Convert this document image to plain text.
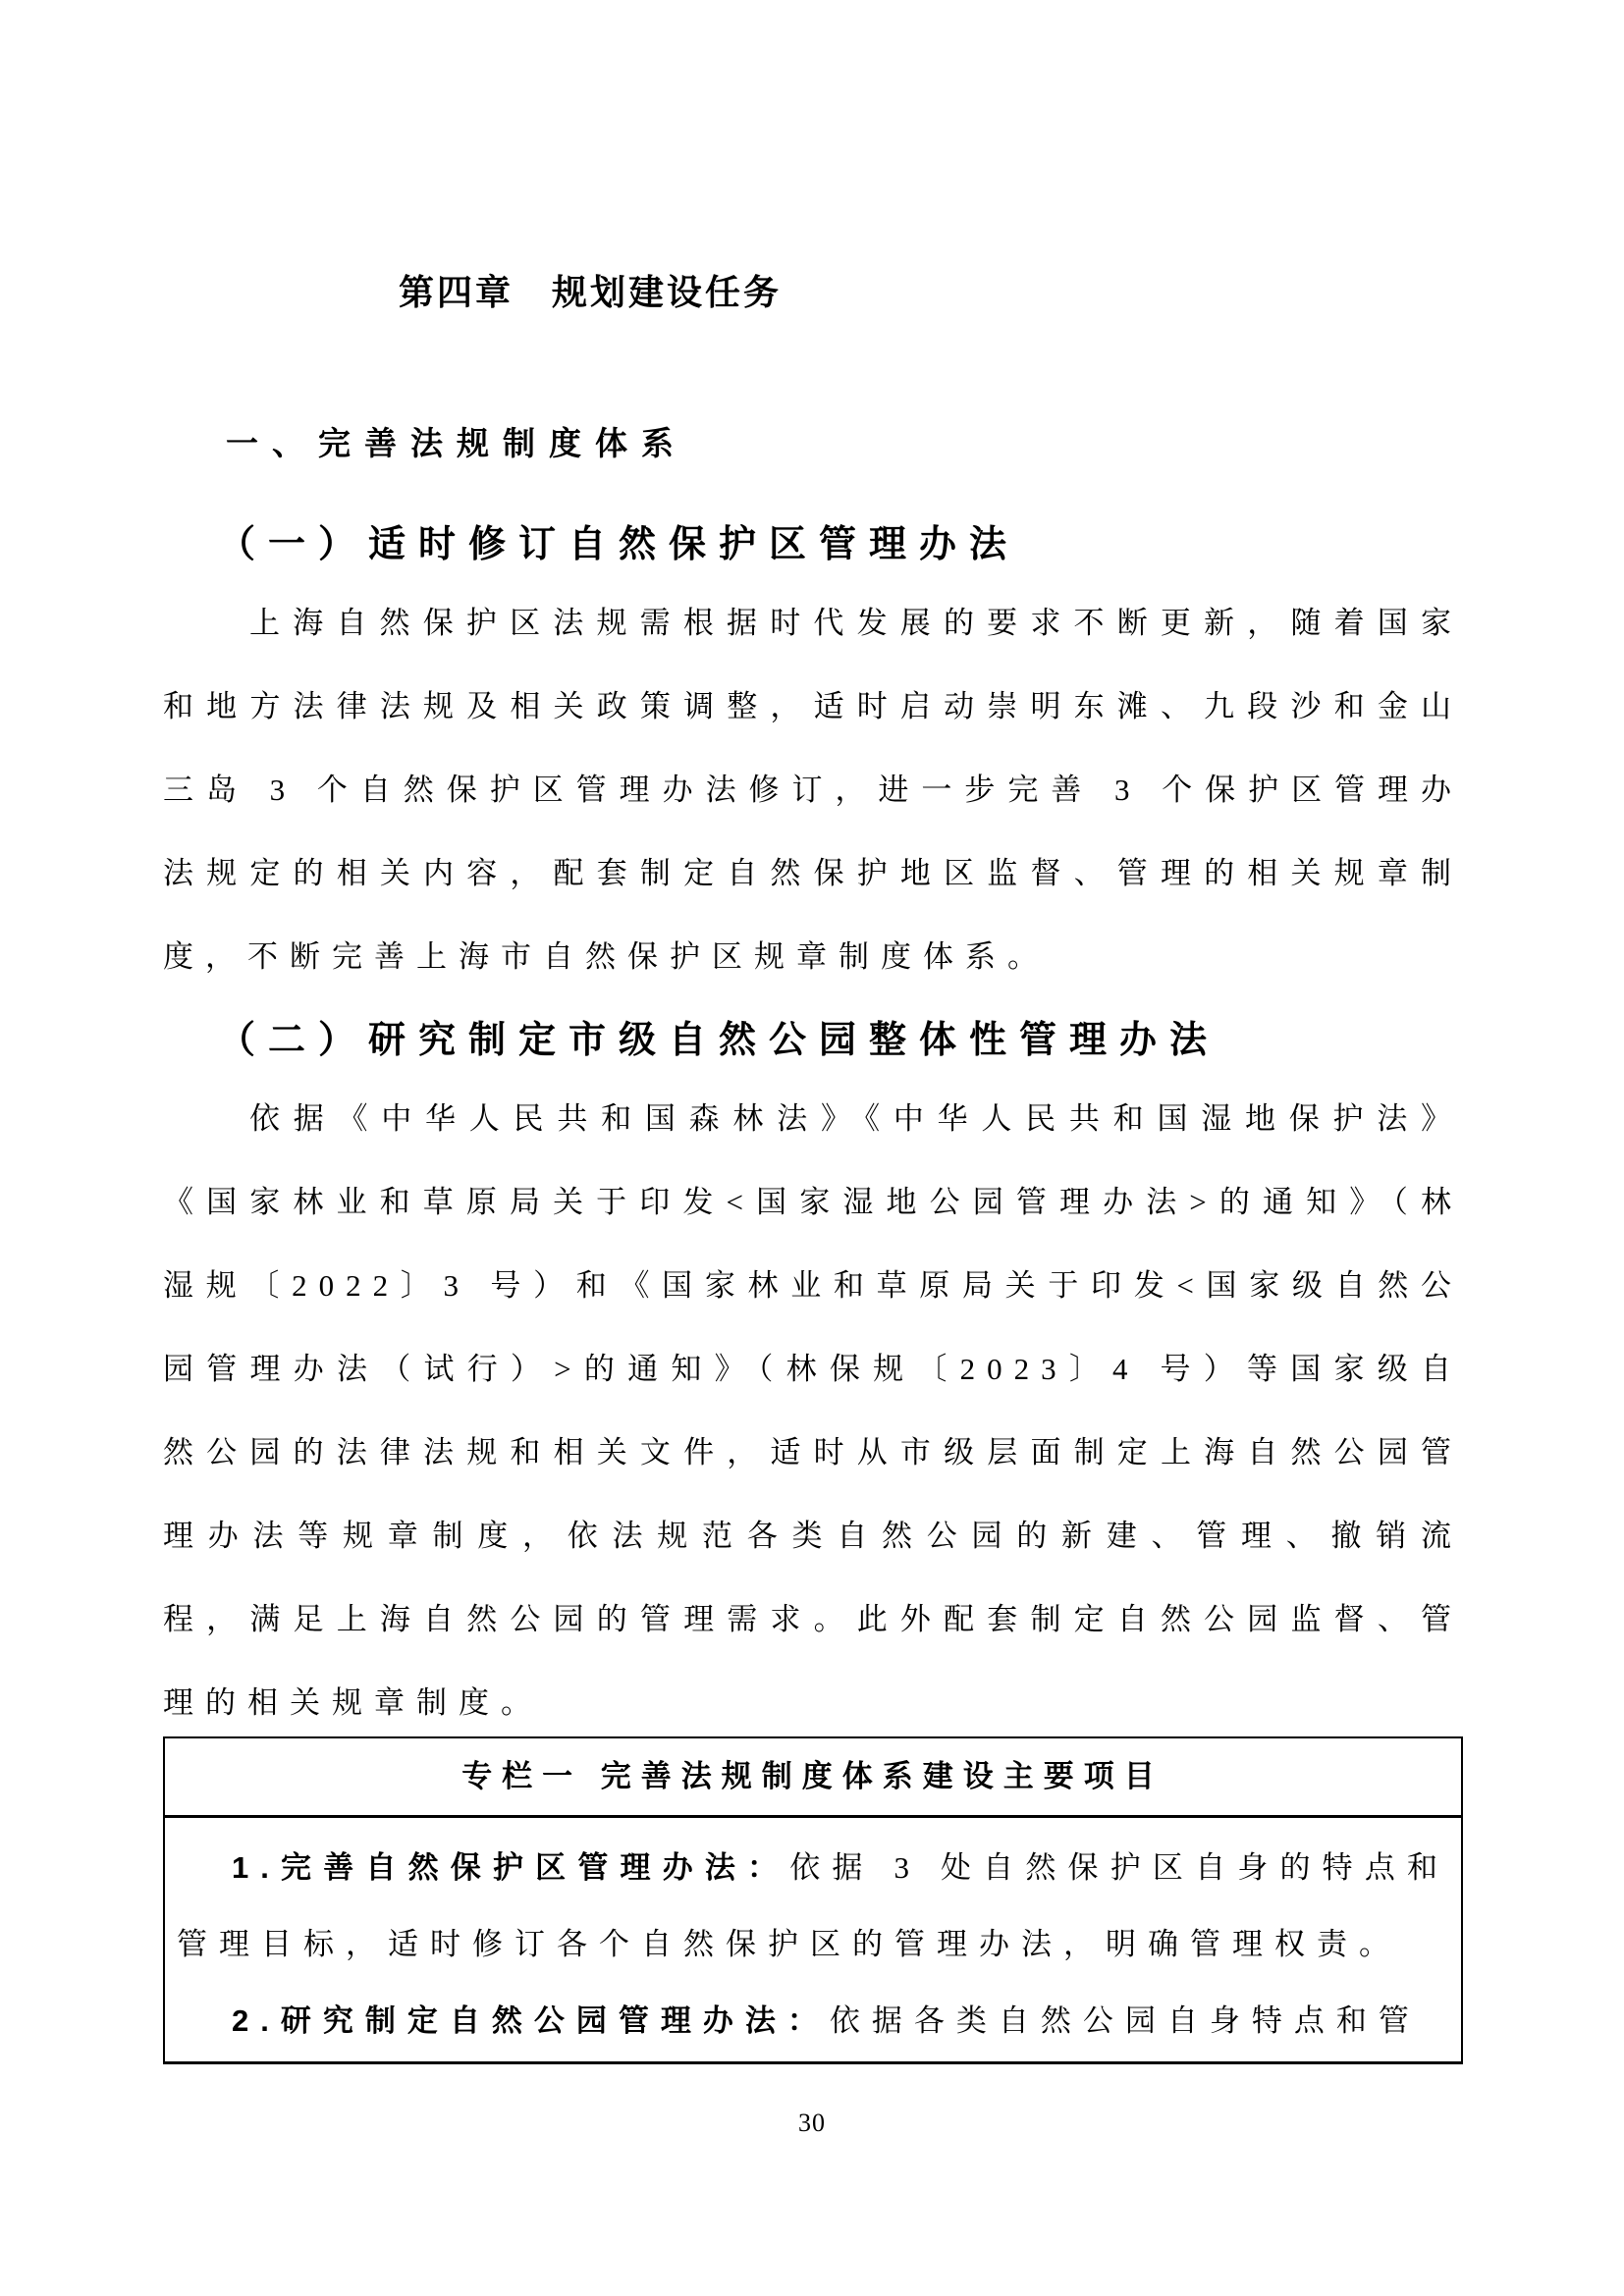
第四章　规划建设任务
一、完善法规制度体系
（一）适时修订自然保护区管理办法

上海自然保护区法规需根据时代发展的要求不断更新，随着国家和地方法律法规及相关政策调整，适时启动崇明东滩、九段沙和金山三岛 3 个自然保护区管理办法修订，进一步完善 3 个保护区管理办法规定的相关内容，配套制定自然保护地区监督、管理的相关规章制度，不断完善上海市自然保护区规章制度体系。

（二）研究制定市级自然公园整体性管理办法

依据《中华人民共和国森林法》《中华人民共和国湿地保护法》《国家林业和草原局关于印发<国家湿地公园管理办法>的通知》（林湿规〔2022〕3 号）和《国家林业和草原局关于印发<国家级自然公园管理办法（试行）>的通知》（林保规〔2023〕4 号）等国家级自然公园的法律法规和相关文件，适时从市级层面制定上海自然公园管理办法等规章制度，依法规范各类自然公园的新建、管理、撤销流程，满足上海自然公园的管理需求。此外配套制定自然公园监督、管理的相关规章制度。

专栏一 完善法规制度体系建设主要项目

1.完善自然保护区管理办法：依据 3 处自然保护区自身的特点和管理目标，适时修订各个自然保护区的管理办法，明确管理权责。

2.研究制定自然公园管理办法：依据各类自然公园自身特点和管

30
